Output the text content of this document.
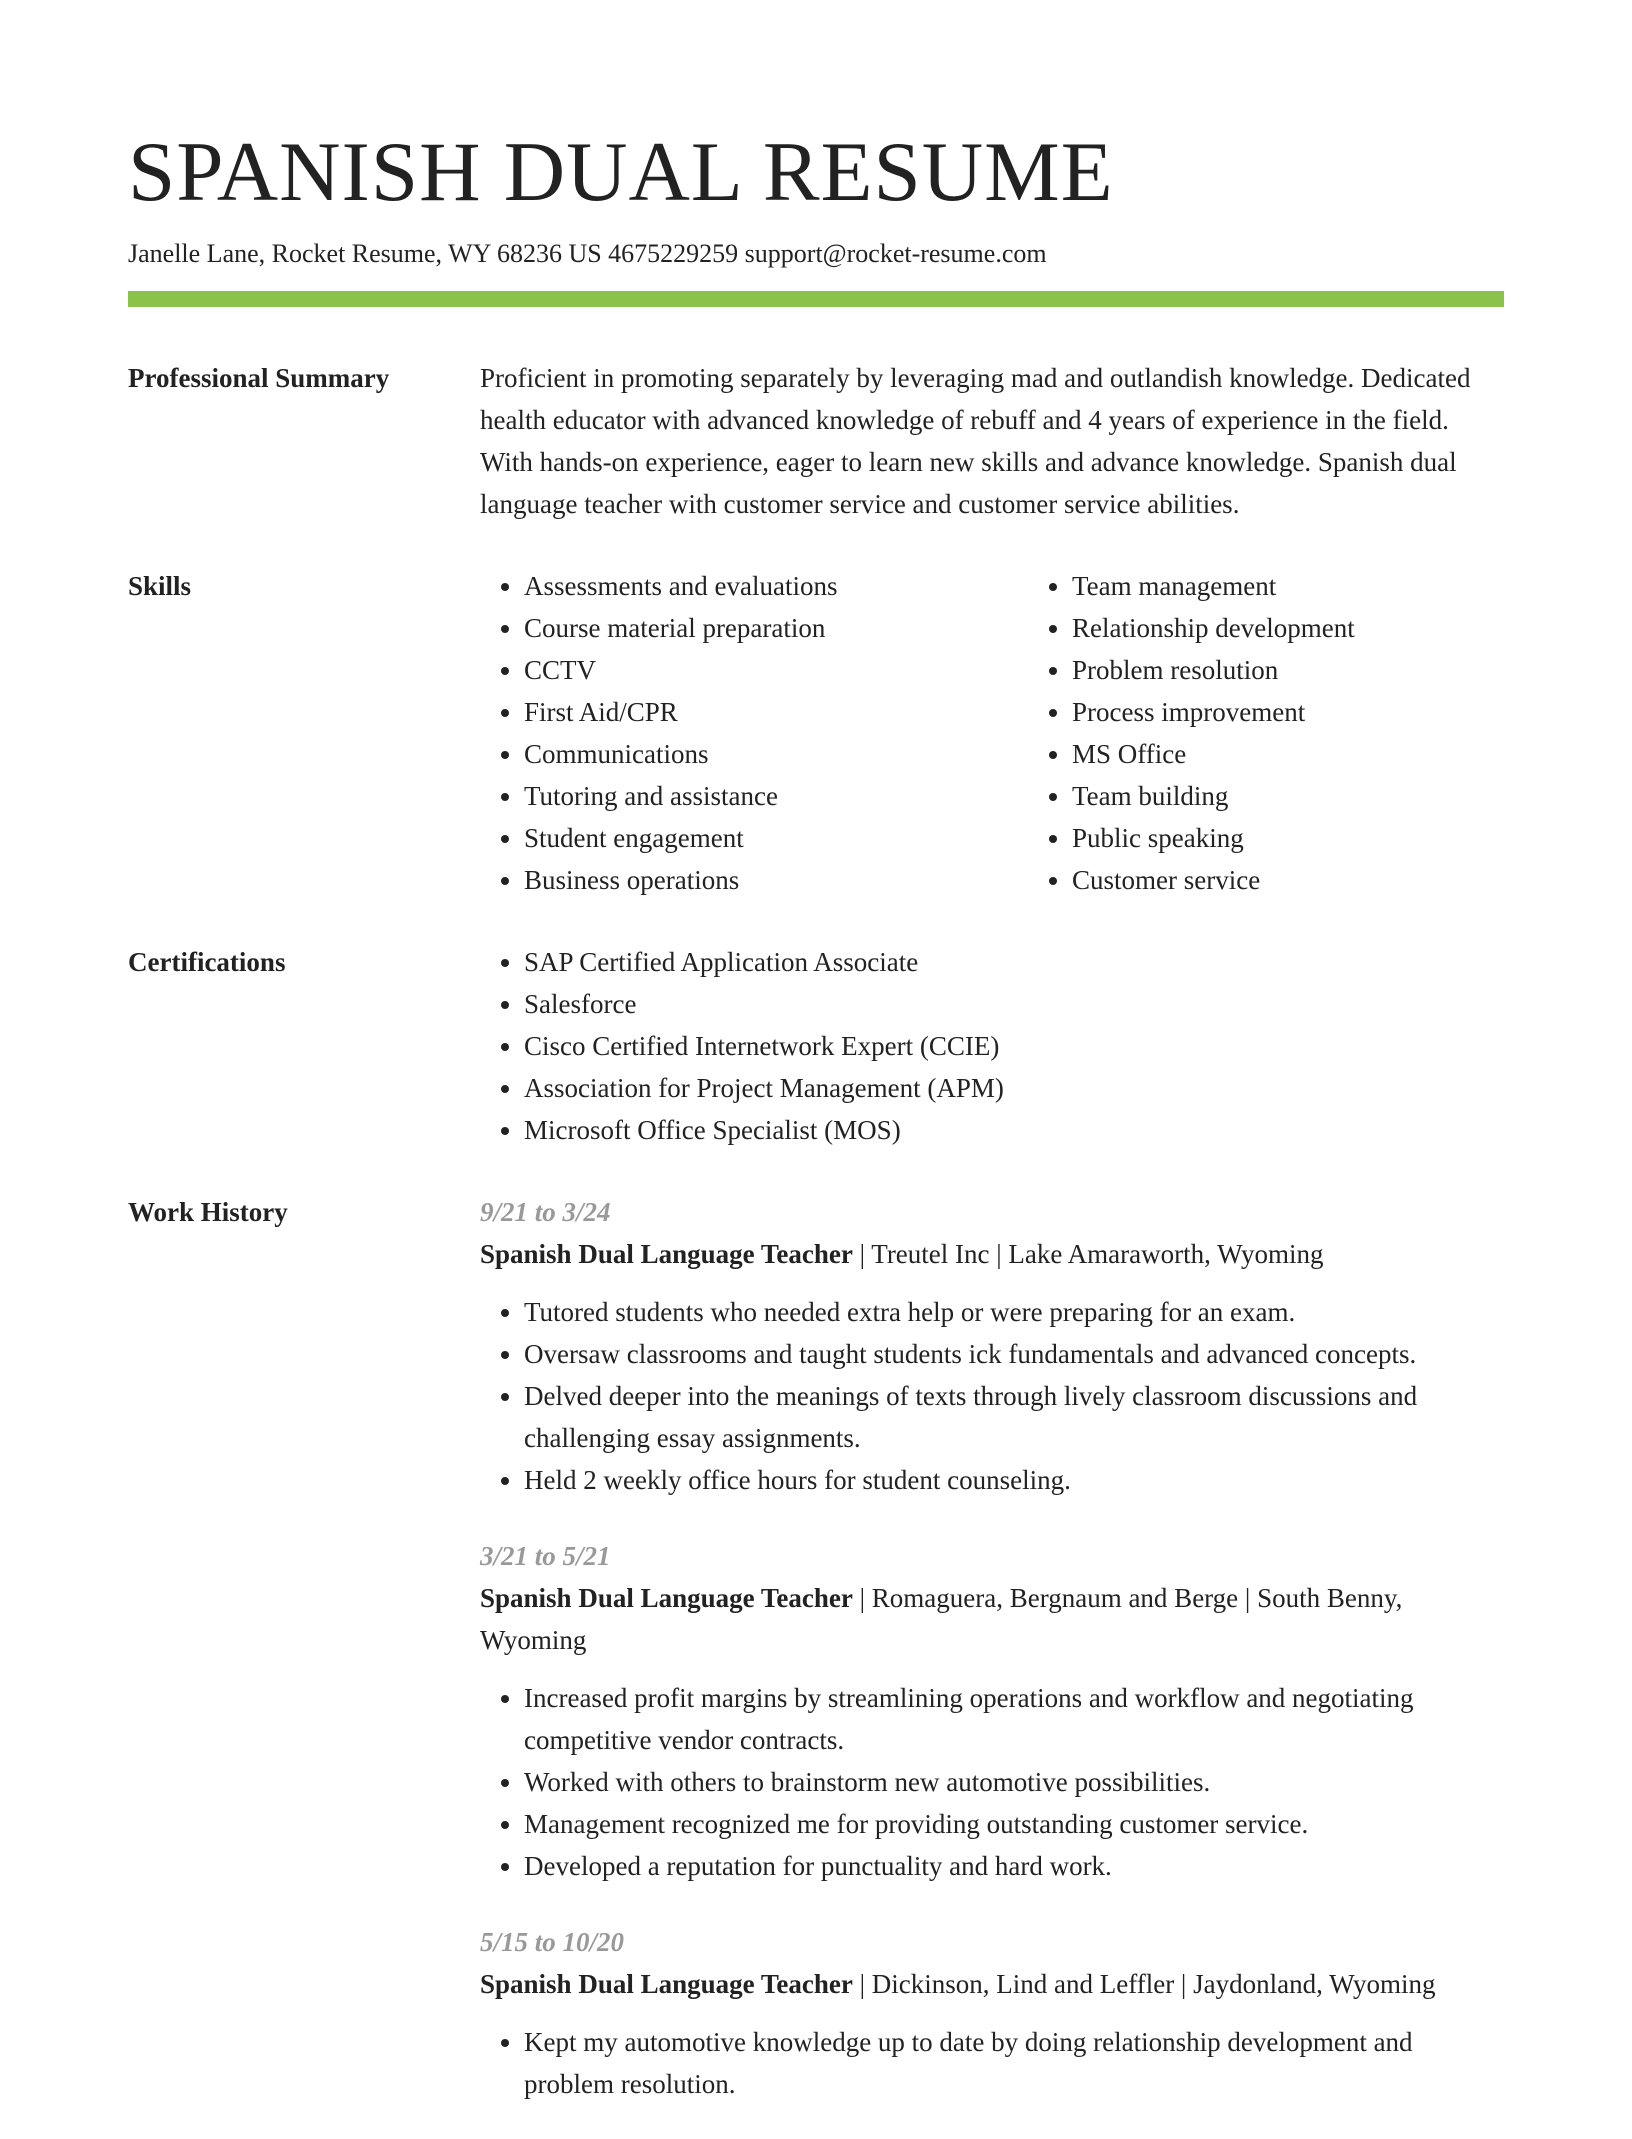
SPANISH DUAL RESUME
Janelle Lane, Rocket Resume, WY 68236 US 4675229259 support@rocket-resume.com
Professional Summary	Proficient in promoting separately by leveraging mad and outlandish knowledge. Dedicated health educator with advanced knowledge of rebuff and 4 years of experience in the field. With hands-on experience, eager to learn new skills and advance knowledge. Spanish dual language teacher with customer service and customer service abilities.

Skills	• Assessments and evaluations
• Course material preparation
• CCTV
• First Aid/CPR
• Communications
• Tutoring and assistance
• Student engagement
• Business operations
• Team management
• Relationship development
• Problem resolution
• Process improvement
• MS Office
• Team building
• Public speaking
• Customer service
Certifications	• SAP Certified Application Associate
• Salesforce
• Cisco Certified Internetwork Expert (CCIE)
• Association for Project Management (APM)
• Microsoft Office Specialist (MOS)
Work History	9/21 to 3/24
Spanish Dual Language Teacher | Treutel Inc | Lake Amaraworth, Wyoming
• Tutored students who needed extra help or were preparing for an exam.
• Oversaw classrooms and taught students ick fundamentals and advanced concepts.
• Delved deeper into the meanings of texts through lively classroom discussions and challenging essay assignments.
• Held 2 weekly office hours for student counseling.
3/21 to 5/21
Spanish Dual Language Teacher | Romaguera, Bergnaum and Berge | South Benny, Wyoming
• Increased profit margins by streamlining operations and workflow and negotiating competitive vendor contracts.
• Worked with others to brainstorm new automotive possibilities.
• Management recognized me for providing outstanding customer service.
• Developed a reputation for punctuality and hard work.
5/15 to 10/20
Spanish Dual Language Teacher | Dickinson, Lind and Leffler | Jaydonland, Wyoming
• Kept my automotive knowledge up to date by doing relationship development and problem resolution.
